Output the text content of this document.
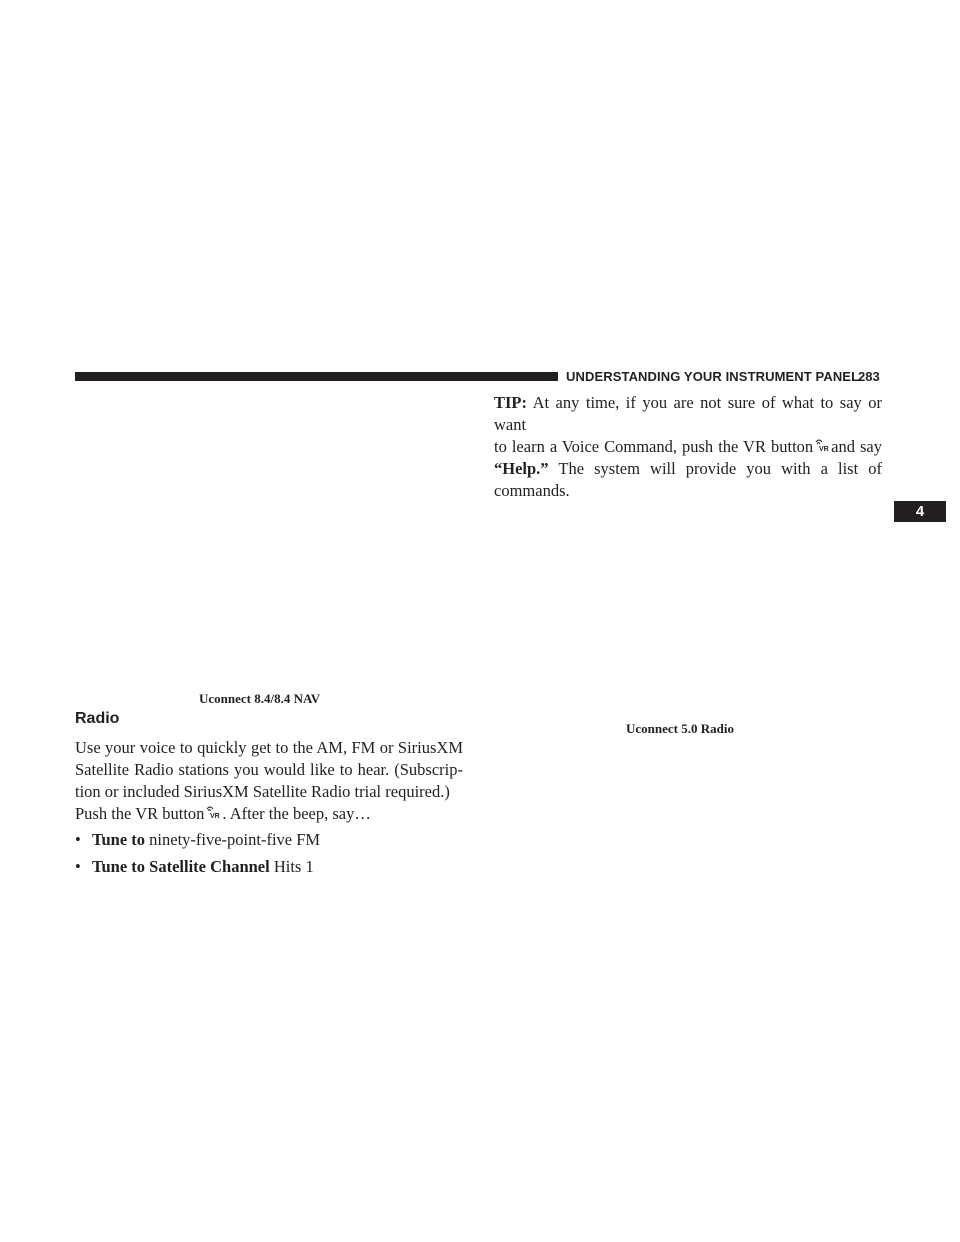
UNDERSTANDING YOUR INSTRUMENT PANEL
283
4
TIP: At any time, if you are not sure of what to say or want
to learn a Voice Command, push the VR button VR and say
“Help.” The system will provide you with a list of
commands.
Uconnect 8.4/8.4 NAV
Uconnect 5.0 Radio
Radio
Use your voice to quickly get to the AM, FM or SiriusXM
Satellite Radio stations you would like to hear. (Subscrip-
tion or included SiriusXM Satellite Radio trial required.)
Push the VR button VR . After the beep, say…
• Tune to ninety-five-point-five FM
• Tune to Satellite Channel Hits 1
